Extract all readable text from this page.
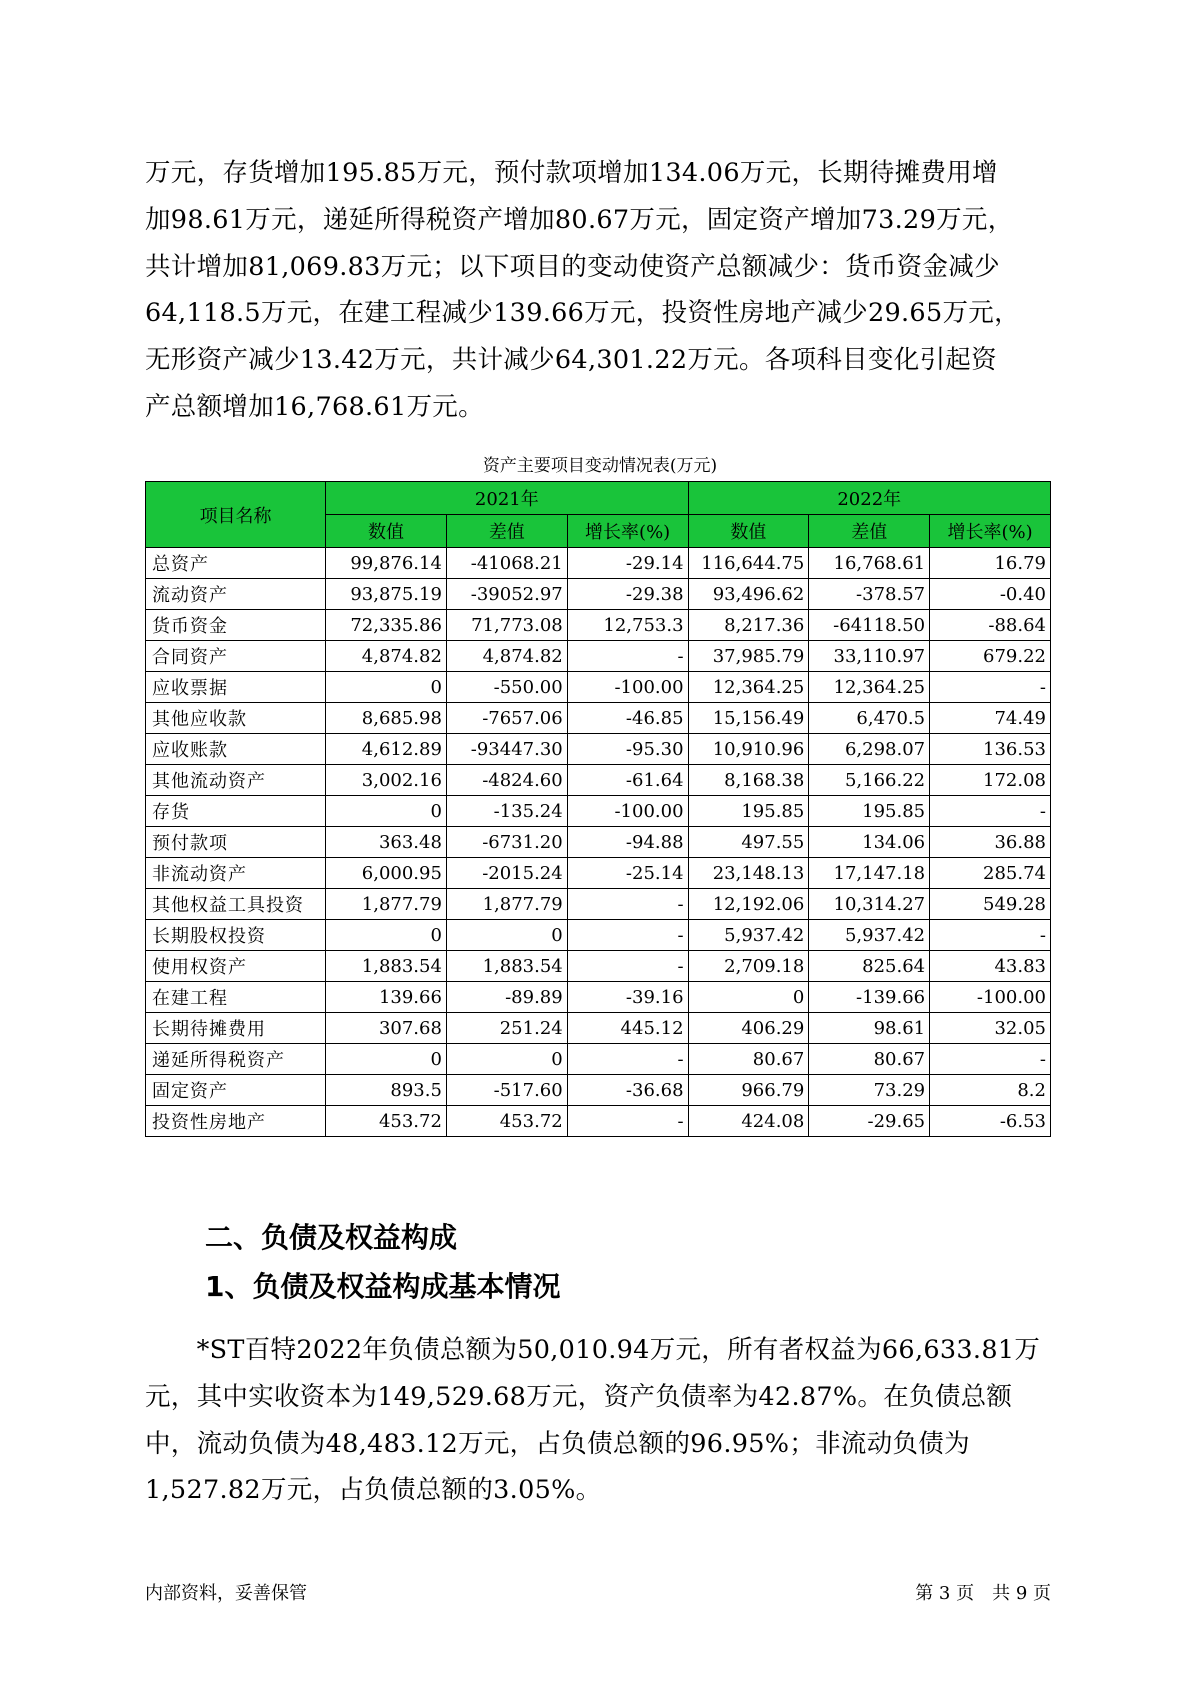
万元，存货增加195.85万元，预付款项增加134.06万元，长期待摊费用增
加98.61万元，递延所得税资产增加80.67万元，固定资产增加73.29万元，
共计增加81,069.83万元；以下项目的变动使资产总额减少：货币资金减少
64,118.5万元，在建工程减少139.66万元，投资性房地产减少29.65万元，
无形资产减少13.42万元，共计减少64,301.22万元。各项科目变化引起资
产总额增加16,768.61万元。
资产主要项目变动情况表(万元)
项目名称	2021年			2022年		
	数值	差值	增长率(%)	数值	差值	增长率(%)
总资产	99,876.14	-41068.21	-29.14	116,644.75	16,768.61	16.79
流动资产	93,875.19	-39052.97	-29.38	93,496.62	-378.57	-0.40
货币资金	72,335.86	71,773.08	12,753.3	8,217.36	-64118.50	-88.64
合同资产	4,874.82	4,874.82	-	37,985.79	33,110.97	679.22
应收票据	0	-550.00	-100.00	12,364.25	12,364.25	-
其他应收款	8,685.98	-7657.06	-46.85	15,156.49	6,470.5	74.49
应收账款	4,612.89	-93447.30	-95.30	10,910.96	6,298.07	136.53
其他流动资产	3,002.16	-4824.60	-61.64	8,168.38	5,166.22	172.08
存货	0	-135.24	-100.00	195.85	195.85	-
预付款项	363.48	-6731.20	-94.88	497.55	134.06	36.88
非流动资产	6,000.95	-2015.24	-25.14	23,148.13	17,147.18	285.74
其他权益工具投资	1,877.79	1,877.79	-	12,192.06	10,314.27	549.28
长期股权投资	0	0	-	5,937.42	5,937.42	-
使用权资产	1,883.54	1,883.54	-	2,709.18	825.64	43.83
在建工程	139.66	-89.89	-39.16	0	-139.66	-100.00
长期待摊费用	307.68	251.24	445.12	406.29	98.61	32.05
递延所得税资产	0	0	-	80.67	80.67	-
固定资产	893.5	-517.60	-36.68	966.79	73.29	8.2
投资性房地产	453.72	453.72	-	424.08	-29.65	-6.53
二、负债及权益构成
1、负债及权益构成基本情况
　　*ST百特2022年负债总额为50,010.94万元，所有者权益为66,633.81万
元，其中实收资本为149,529.68万元，资产负债率为42.87%。在负债总额
中，流动负债为48,483.12万元，占负债总额的96.95%；非流动负债为
1,527.82万元，占负债总额的3.05%。
内部资料，妥善保管	第 3 页　共 9 页
